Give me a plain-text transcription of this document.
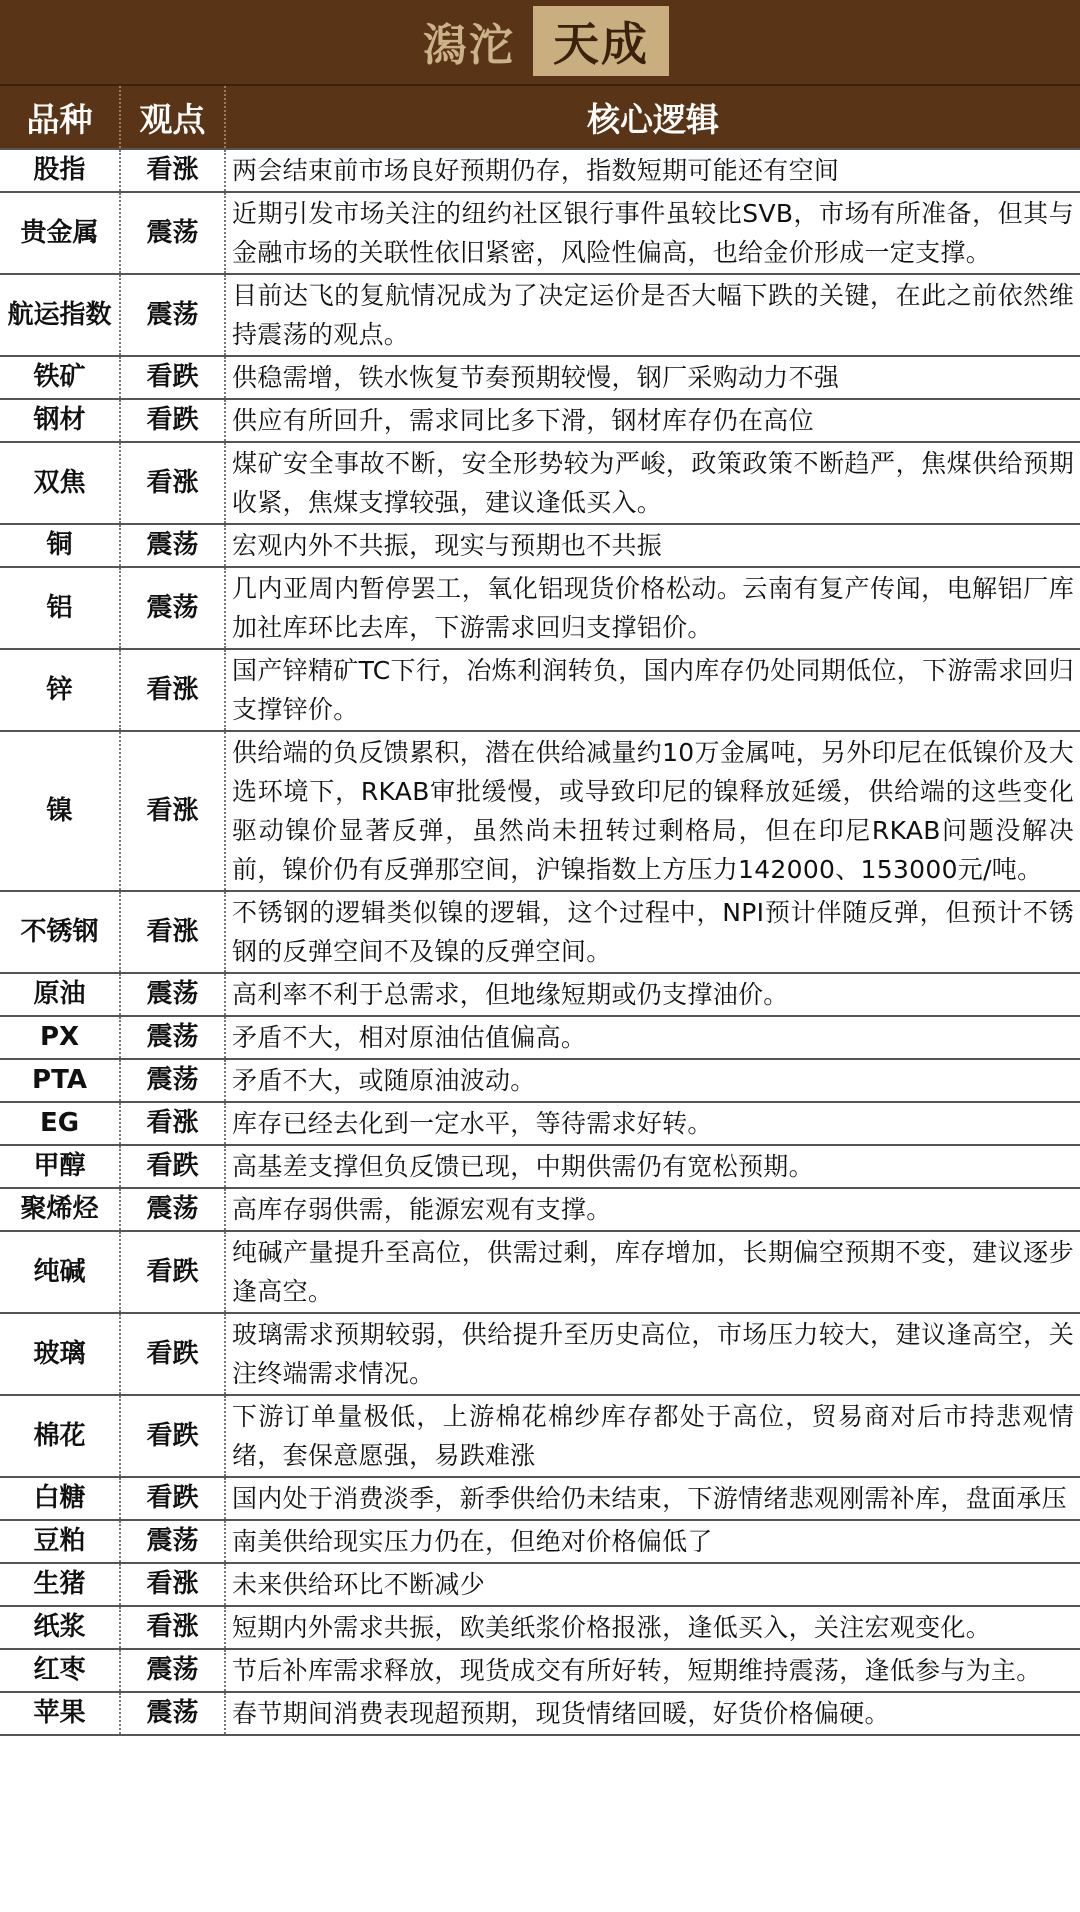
潟沱 天成
品种	观点	核心逻辑
股指	看涨	两会结束前市场良好预期仍存，指数短期可能还有空间
贵金属	震荡	近期引发市场关注的纽约社区银行事件虽较比SVB，市场有所准备，但其与金融市场的关联性依旧紧密，风险性偏高，也给金价形成一定支撑。
航运指数	震荡	目前达飞的复航情况成为了决定运价是否大幅下跌的关键，在此之前依然维持震荡的观点。
铁矿	看跌	供稳需增，铁水恢复节奏预期较慢，钢厂采购动力不强
钢材	看跌	供应有所回升，需求同比多下滑，钢材库存仍在高位
双焦	看涨	煤矿安全事故不断，安全形势较为严峻，政策政策不断趋严，焦煤供给预期收紧，焦煤支撑较强，建议逢低买入。
铜	震荡	宏观内外不共振，现实与预期也不共振
铝	震荡	几内亚周内暂停罢工，氧化铝现货价格松动。云南有复产传闻，电解铝厂库加社库环比去库，下游需求回归支撑铝价。
锌	看涨	国产锌精矿TC下行，冶炼利润转负，国内库存仍处同期低位，下游需求回归支撑锌价。
镍	看涨	供给端的负反馈累积，潜在供给减量约10万金属吨，另外印尼在低镍价及大选环境下，RKAB审批缓慢，或导致印尼的镍释放延缓，供给端的这些变化驱动镍价显著反弹，虽然尚未扭转过剩格局，但在印尼RKAB问题没解决前，镍价仍有反弹那空间，沪镍指数上方压力142000、153000元/吨。
不锈钢	看涨	不锈钢的逻辑类似镍的逻辑，这个过程中，NPI预计伴随反弹，但预计不锈钢的反弹空间不及镍的反弹空间。
原油	震荡	高利率不利于总需求，但地缘短期或仍支撑油价。
PX	震荡	矛盾不大，相对原油估值偏高。
PTA	震荡	矛盾不大，或随原油波动。
EG	看涨	库存已经去化到一定水平，等待需求好转。
甲醇	看跌	高基差支撑但负反馈已现，中期供需仍有宽松预期。
聚烯烃	震荡	高库存弱供需，能源宏观有支撑。
纯碱	看跌	纯碱产量提升至高位，供需过剩，库存增加，长期偏空预期不变，建议逐步逢高空。
玻璃	看跌	玻璃需求预期较弱，供给提升至历史高位，市场压力较大，建议逢高空，关注终端需求情况。
棉花	看跌	下游订单量极低，上游棉花棉纱库存都处于高位，贸易商对后市持悲观情绪，套保意愿强，易跌难涨
白糖	看跌	国内处于消费淡季，新季供给仍未结束，下游情绪悲观刚需补库，盘面承压
豆粕	震荡	南美供给现实压力仍在，但绝对价格偏低了
生猪	看涨	未来供给环比不断减少
纸浆	看涨	短期内外需求共振，欧美纸浆价格报涨，逢低买入，关注宏观变化。
红枣	震荡	节后补库需求释放，现货成交有所好转，短期维持震荡，逢低参与为主。
苹果	震荡	春节期间消费表现超预期，现货情绪回暖，好货价格偏硬。
